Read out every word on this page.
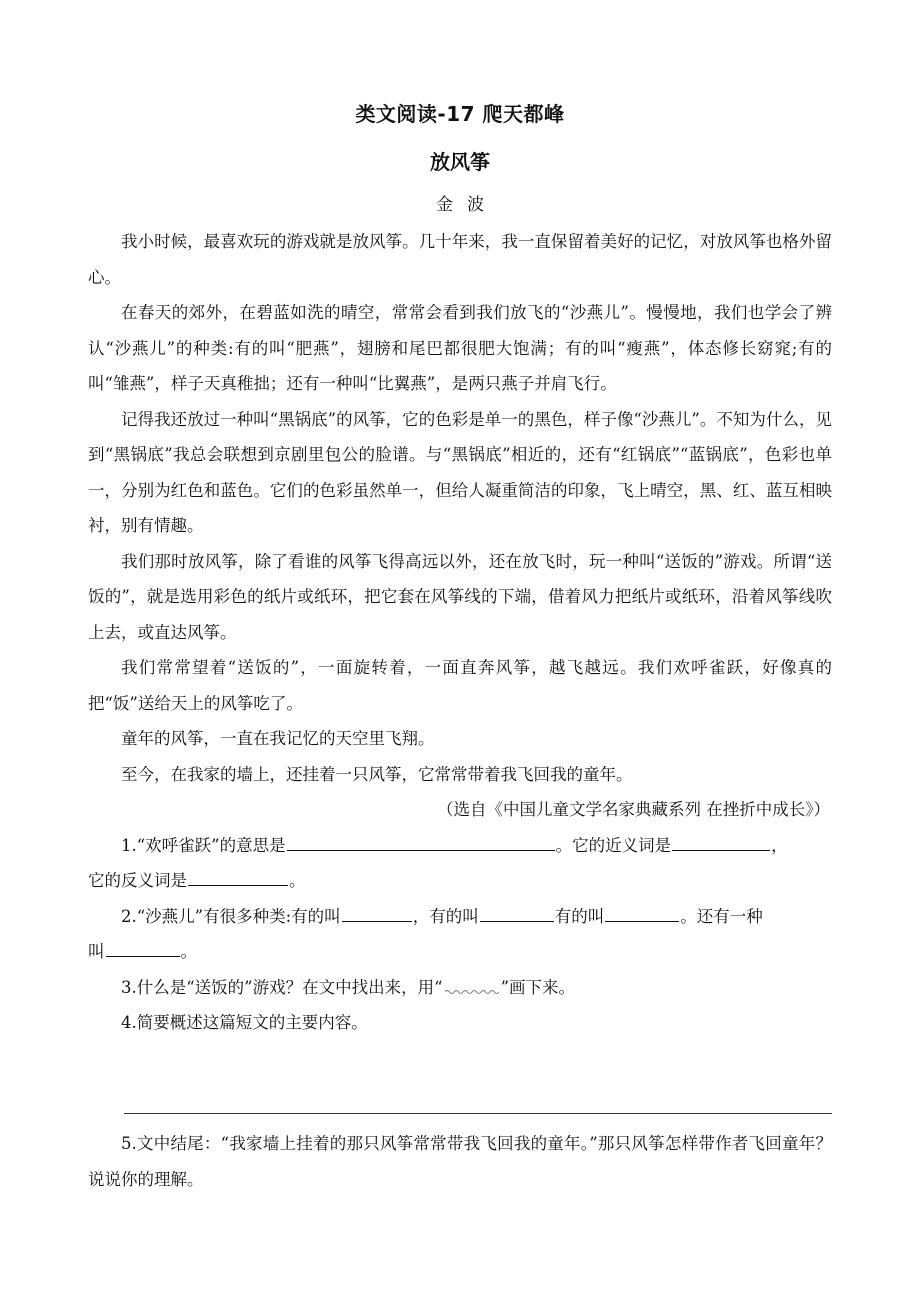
类文阅读-17 爬天都峰
放风筝
金波

我小时候，最喜欢玩的游戏就是放风筝。几十年来，我一直保留着美好的记忆，对放风筝也格外留心。

在春天的郊外，在碧蓝如洗的晴空，常常会看到我们放飞的“沙燕儿”。慢慢地，我们也学会了辨认“沙燕儿”的种类:有的叫“肥燕”，翅膀和尾巴都很肥大饱满；有的叫“瘦燕”，体态修长窈窕;有的叫“雏燕”，样子天真稚拙；还有一种叫“比翼燕”，是两只燕子并肩飞行。

记得我还放过一种叫“黑锅底”的风筝，它的色彩是单一的黑色，样子像“沙燕儿”。不知为什么，见到“黑锅底”我总会联想到京剧里包公的脸谱。与“黑锅底”相近的，还有“红锅底”“蓝锅底”，色彩也单一，分别为红色和蓝色。它们的色彩虽然单一，但给人凝重简洁的印象，飞上晴空，黑、红、蓝互相映衬，别有情趣。

我们那时放风筝，除了看谁的风筝飞得高远以外，还在放飞时，玩一种叫“送饭的”游戏。所谓“送饭的”，就是选用彩色的纸片或纸环，把它套在风筝线的下端，借着风力把纸片或纸环，沿着风筝线吹上去，或直达风筝。

我们常常望着“送饭的”，一面旋转着，一面直奔风筝，越飞越远。我们欢呼雀跃，好像真的把“饭”送给天上的风筝吃了。

童年的风筝，一直在我记忆的天空里飞翔。

至今，在我家的墙上，还挂着一只风筝，它常常带着我飞回我的童年。

（选自《中国儿童文学名家典藏系列 在挫折中成长》）

1.“欢呼雀跃”的意思是	。它的近义词是	，

它的反义词是	。

2.“沙燕儿”有很多种类:有的叫	，有的叫	有的叫	。还有一种

叫	。

3.什么是“送饭的”游戏？在文中找出来，用“	”画下来。

4.简要概述这篇短文的主要内容。

5.文中结尾：“我家墙上挂着的那只风筝常常带我飞回我的童年。”那只风筝怎样带作者飞回童年？说说你的理解。
